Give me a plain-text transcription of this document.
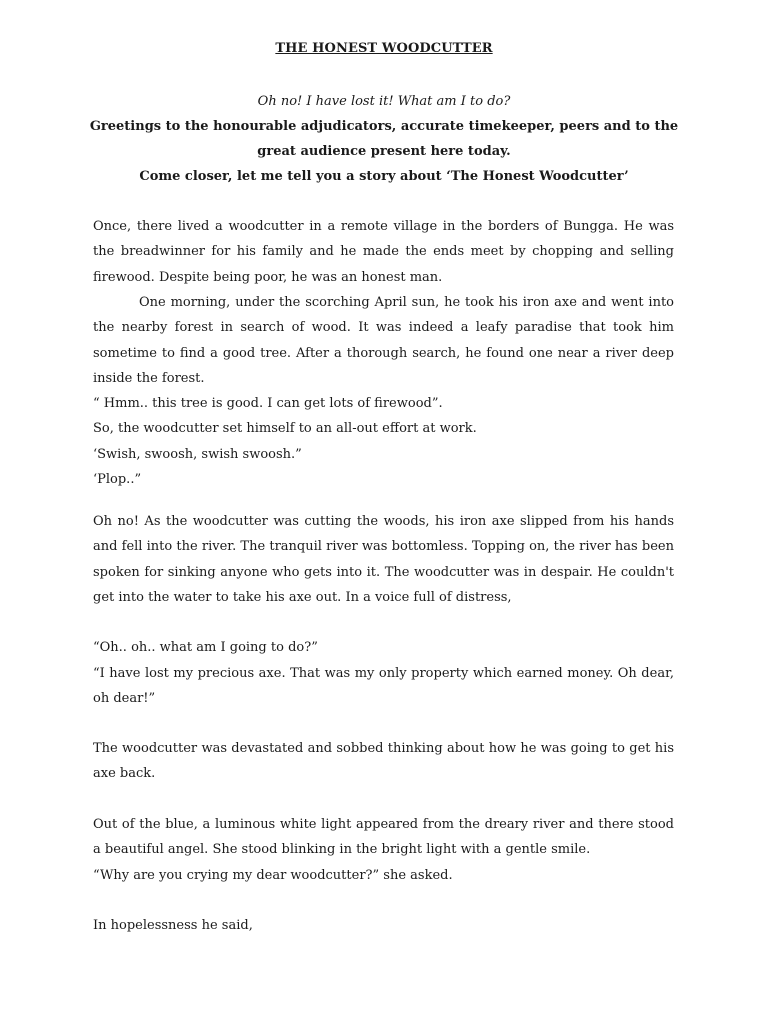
THE HONEST WOODCUTTER
Oh no! I have lost it! What am I to do?
Greetings to the honourable adjudicators, accurate timekeeper, peers and to the great audience present here today.
Come closer, let me tell you a story about ‘The Honest Woodcutter’
Once, there lived a woodcutter in a remote village in the borders of Bungga. He was the breadwinner for his family and he made the ends meet by chopping and selling firewood. Despite being poor, he was an honest man.
One morning, under the scorching April sun, he took his iron axe and went into the nearby forest in search of wood. It was indeed a leafy paradise that took him sometime to find a good tree. After a thorough search, he found one near a river deep inside the forest.
“ Hmm.. this tree is good. I can get lots of firewood”.
So, the woodcutter set himself to an all-out effort at work.
‘Swish, swoosh, swish swoosh.”
‘Plop..”
Oh no! As the woodcutter was cutting the woods, his iron axe slipped from his hands and fell into the river. The tranquil river was bottomless. Topping on, the river has been spoken for sinking anyone who gets into it. The woodcutter was in despair. He couldn't get into the water to take his axe out. In a voice full of distress,
“Oh.. oh.. what am I going to do?”
“I have lost my precious axe. That was my only property which earned money. Oh dear, oh dear!”
The woodcutter was devastated and sobbed thinking about how he was going to get his axe back.
Out of the blue, a luminous white light appeared from the dreary river and there stood a beautiful angel. She stood blinking in the bright light with a gentle smile.
“Why are you crying my dear woodcutter?” she asked.
In hopelessness he said,
